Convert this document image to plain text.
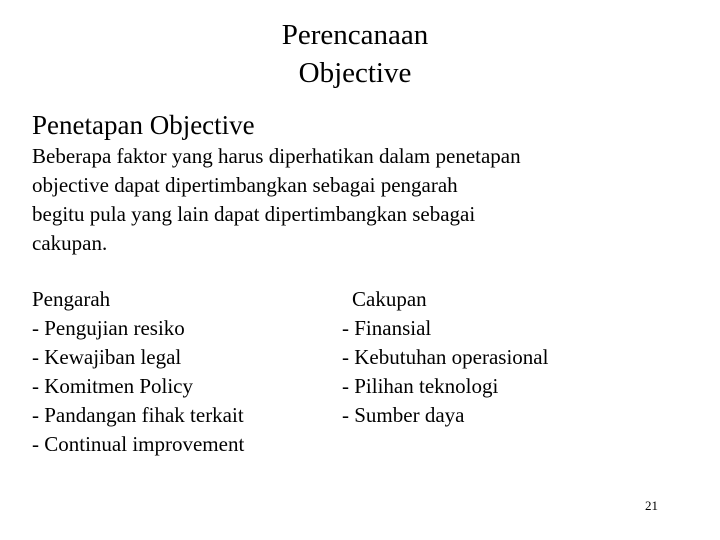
Perencanaan
Objective
Penetapan Objective
Beberapa faktor yang harus diperhatikan dalam penetapan
objective dapat dipertimbangkan sebagai pengarah
begitu pula yang lain dapat dipertimbangkan sebagai
cakupan.
Pengarah
- Pengujian resiko
- Kewajiban legal
- Komitmen Policy
- Pandangan fihak terkait
- Continual improvement
Cakupan
- Finansial
- Kebutuhan operasional
- Pilihan teknologi
- Sumber daya
21
